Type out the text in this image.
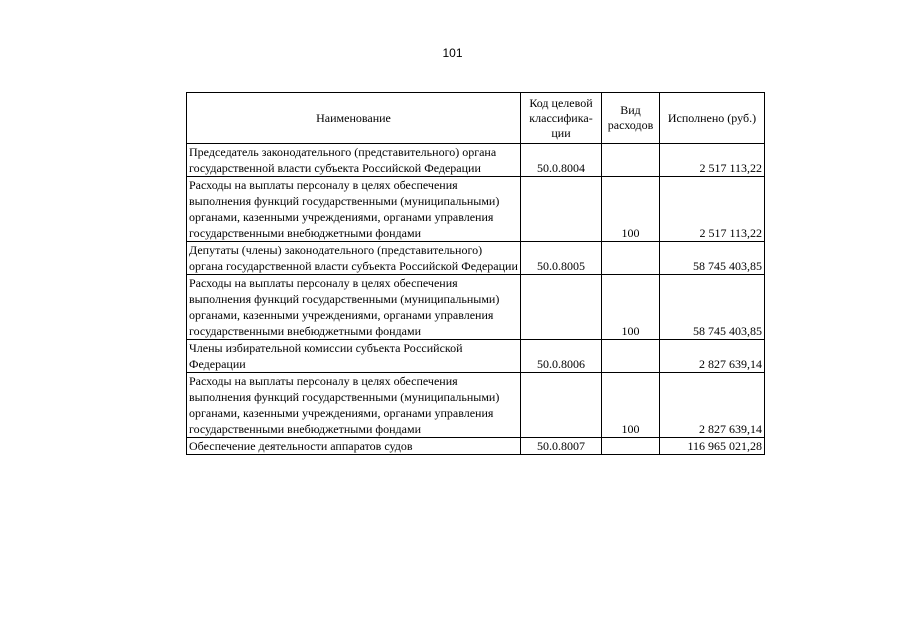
101
Наименование	Код целевой классифика-ции	Вид расходов	Исполнено (руб.)
Председатель законодательного (представительного) органа государственной власти субъекта Российской Федерации	50.0.8004		2 517 113,22
Расходы на выплаты персоналу в целях обеспечения выполнения функций государственными (муниципальными) органами, казенными учреждениями, органами управления государственными внебюджетными фондами		100	2 517 113,22
Депутаты (члены) законодательного (представительного) органа государственной власти субъекта Российской Федерации	50.0.8005		58 745 403,85
Расходы на выплаты персоналу в целях обеспечения выполнения функций государственными (муниципальными) органами, казенными учреждениями, органами управления государственными внебюджетными фондами		100	58 745 403,85
Члены избирательной комиссии субъекта Российской Федерации	50.0.8006		2 827 639,14
Расходы на выплаты персоналу в целях обеспечения выполнения функций государственными (муниципальными) органами, казенными учреждениями, органами управления государственными внебюджетными фондами		100	2 827 639,14
Обеспечение деятельности аппаратов судов	50.0.8007		116 965 021,28
